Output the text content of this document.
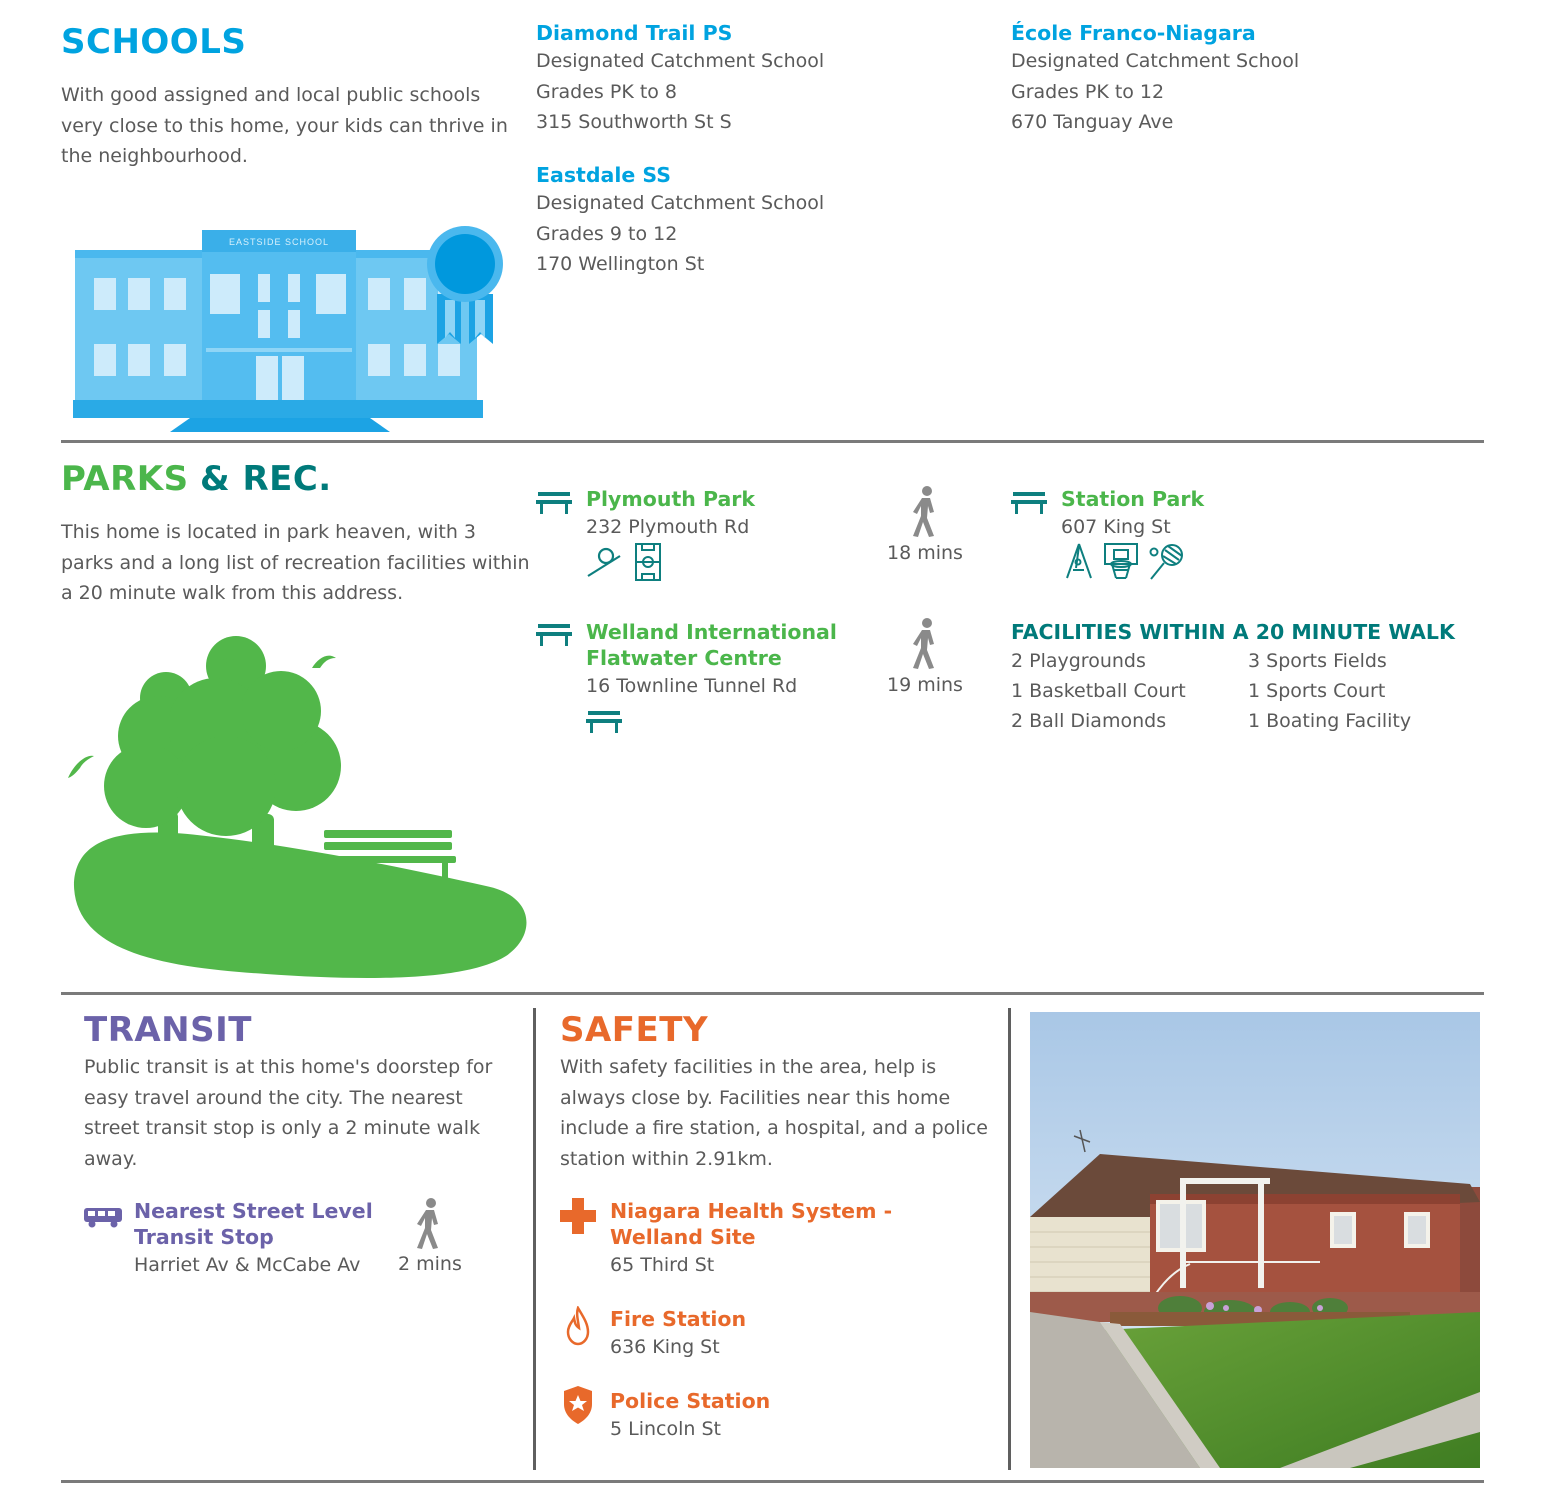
SCHOOLS
With good assigned and local public schools very close to this home, your kids can thrive in the neighbourhood.
EASTSIDE SCHOOL
Diamond Trail PS
Designated Catchment School
Grades PK to 8
315 Southworth St S
Eastdale SS
Designated Catchment School
Grades 9 to 12
170 Wellington St
École Franco-Niagara
Designated Catchment School
Grades PK to 12
670 Tanguay Ave
PARKS & REC.
This home is located in park heaven, with 3 parks and a long list of recreation facilities within a 20 minute walk from this address.
Plymouth Park
232 Plymouth Rd
18 mins
Station Park
607 King St
Welland International
Flatwater Centre
16 Townline Tunnel Rd	19 mins
FACILITIES WITHIN A 20 MINUTE WALK
2 Playgrounds	3 Sports Fields
1 Basketball Court	1 Sports Court
2 Ball Diamonds	1 Boating Facility
TRANSIT
Public transit is at this home's doorstep for easy travel around the city. The nearest street transit stop is only a 2 minute walk away.
Nearest Street Level
Transit Stop
Harriet Av & McCabe Av	2 mins
SAFETY
With safety facilities in the area, help is always close by. Facilities near this home include a fire station, a hospital, and a police station within 2.91km.
Niagara Health System -
Welland Site
65 Third St
Fire Station
636 King St
Police Station
5 Lincoln St
